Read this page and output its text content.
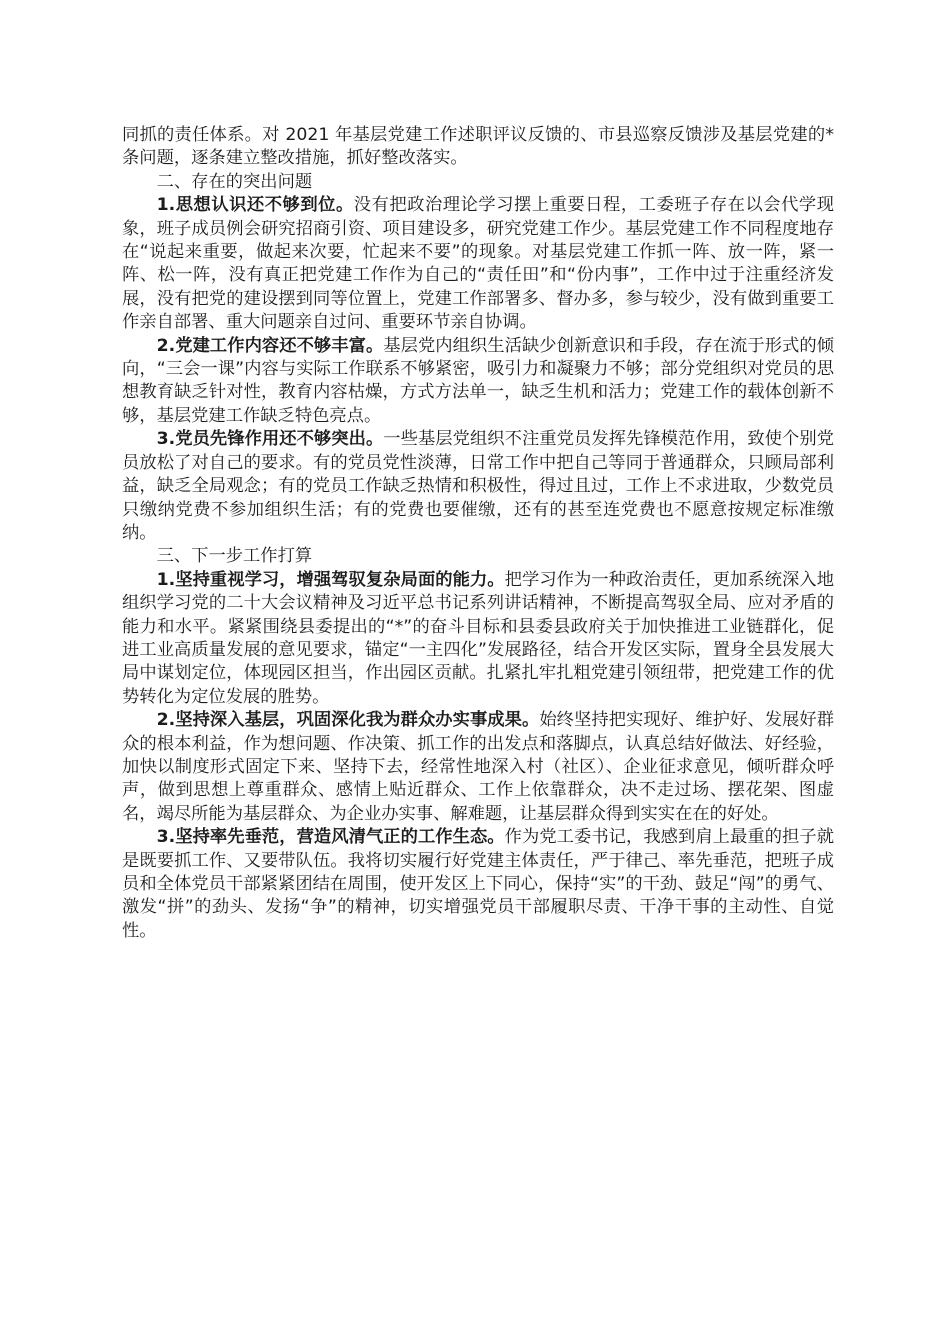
同抓的责任体系。对 2021 年基层党建工作述职评议反馈的、市县巡察反馈涉及基层党建的*条问题，逐条建立整改措施，抓好整改落实。

二、存在的突出问题

1.思想认识还不够到位。没有把政治理论学习摆上重要日程，工委班子存在以会代学现象，班子成员例会研究招商引资、项目建设多，研究党建工作少。基层党建工作不同程度地存在“说起来重要，做起来次要，忙起来不要”的现象。对基层党建工作抓一阵、放一阵，紧一阵、松一阵，没有真正把党建工作作为自己的“责任田”和“份内事”，工作中过于注重经济发展，没有把党的建设摆到同等位置上，党建工作部署多、督办多，参与较少，没有做到重要工作亲自部署、重大问题亲自过问、重要环节亲自协调。

2.党建工作内容还不够丰富。基层党内组织生活缺少创新意识和手段，存在流于形式的倾向，“三会一课”内容与实际工作联系不够紧密，吸引力和凝聚力不够；部分党组织对党员的思想教育缺乏针对性，教育内容枯燥，方式方法单一，缺乏生机和活力；党建工作的载体创新不够，基层党建工作缺乏特色亮点。

3.党员先锋作用还不够突出。一些基层党组织不注重党员发挥先锋模范作用，致使个别党员放松了对自己的要求。有的党员党性淡薄，日常工作中把自己等同于普通群众，只顾局部利益，缺乏全局观念；有的党员工作缺乏热情和积极性，得过且过，工作上不求进取，少数党员只缴纳党费不参加组织生活；有的党费也要催缴，还有的甚至连党费也不愿意按规定标准缴纳。

三、下一步工作打算

1.坚持重视学习，增强驾驭复杂局面的能力。把学习作为一种政治责任，更加系统深入地组织学习党的二十大会议精神及习近平总书记系列讲话精神，不断提高驾驭全局、应对矛盾的能力和水平。紧紧围绕县委提出的“*”的奋斗目标和县委县政府关于加快推进工业链群化，促进工业高质量发展的意见要求，锚定“一主四化”发展路径，结合开发区实际，置身全县发展大局中谋划定位，体现园区担当，作出园区贡献。扎紧扎牢扎粗党建引领纽带，把党建工作的优势转化为定位发展的胜势。

2.坚持深入基层，巩固深化我为群众办实事成果。始终坚持把实现好、维护好、发展好群众的根本利益，作为想问题、作决策、抓工作的出发点和落脚点，认真总结好做法、好经验，加快以制度形式固定下来、坚持下去，经常性地深入村（社区）、企业征求意见，倾听群众呼声，做到思想上尊重群众、感情上贴近群众、工作上依靠群众，决不走过场、摆花架、图虚名，竭尽所能为基层群众、为企业办实事、解难题，让基层群众得到实实在在的好处。

3.坚持率先垂范，营造风清气正的工作生态。作为党工委书记，我感到肩上最重的担子就是既要抓工作、又要带队伍。我将切实履行好党建主体责任，严于律己、率先垂范，把班子成员和全体党员干部紧紧团结在周围，使开发区上下同心，保持“实”的干劲、鼓足“闯”的勇气、激发“拼”的劲头、发扬“争”的精神，切实增强党员干部履职尽责、干净干事的主动性、自觉性。
